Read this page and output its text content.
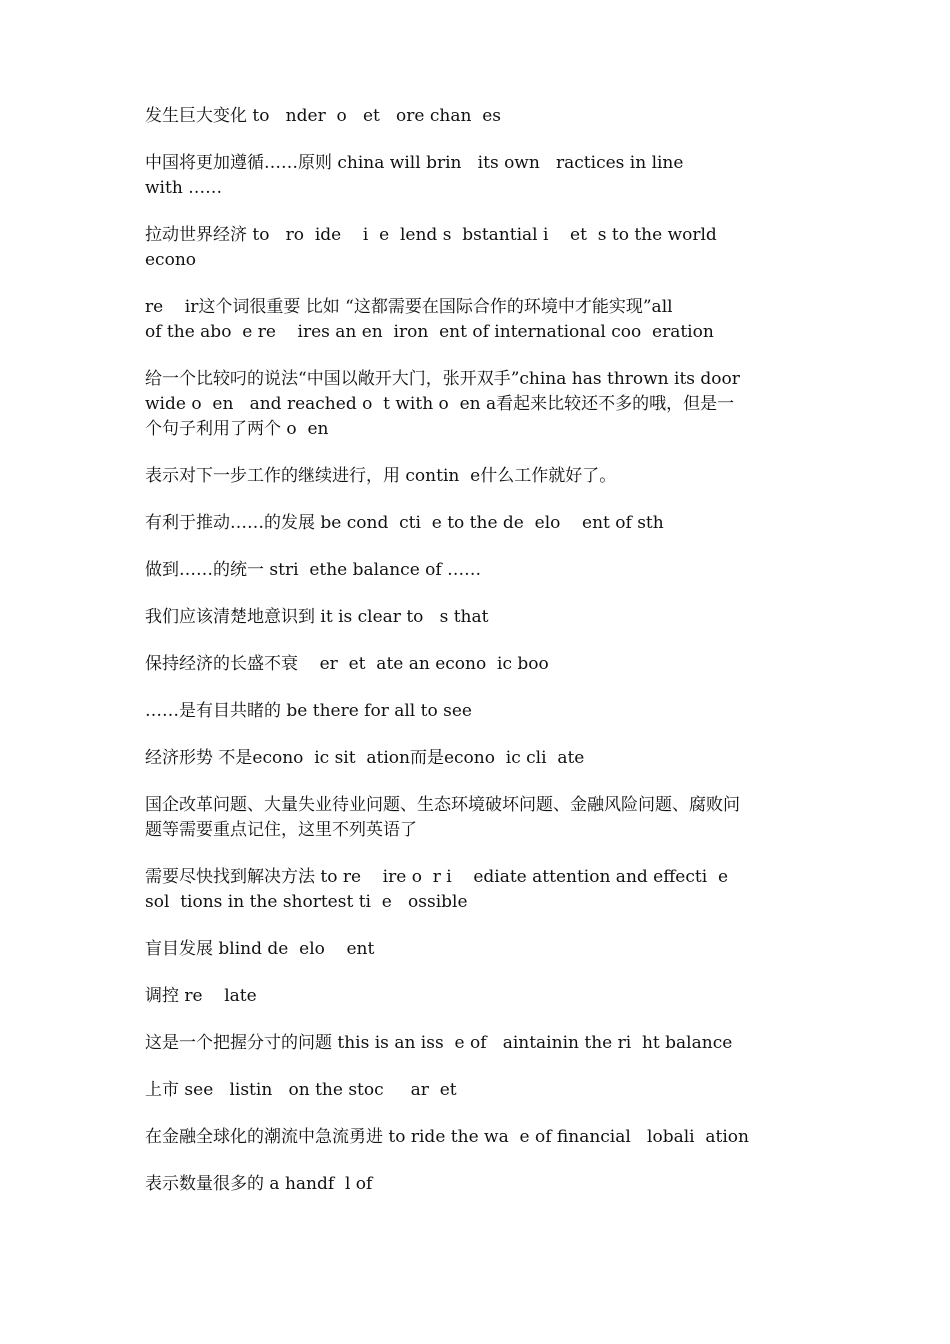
发生巨大变化 to   nder  o   et   ore chan  es
中国将更加遵循……原则 china will brin   its own   ractices in line
with ……
拉动世界经济 to   ro  ide    i  e  lend s  bstantial i    et  s to the world
econo
re    ir这个词很重要 比如 “这都需要在国际合作的环境中才能实现”all
of the abo  e re    ires an en  iron  ent of international coo  eration
给一个比较叼的说法“中国以敞开大门，张开双手”china has thrown its door
wide o  en   and reached o  t with o  en a看起来比较还不多的哦，但是一
个句子利用了两个 o  en
表示对下一步工作的继续进行，用 contin  e什么工作就好了。
有利于推动……的发展 be cond  cti  e to the de  elo    ent of sth
做到……的统一 stri  ethe balance of ……
我们应该清楚地意识到 it is clear to   s that
保持经济的长盛不衰    er  et  ate an econo  ic boo
……是有目共睹的 be there for all to see
经济形势 不是econo  ic sit  ation而是econo  ic cli  ate
国企改革问题、大量失业待业问题、生态环境破坏问题、金融风险问题、腐败问
题等需要重点记住，这里不列英语了
需要尽快找到解决方法 to re    ire o  r i    ediate attention and effecti  e
sol  tions in the shortest ti  e   ossible
盲目发展 blind de  elo    ent
调控 re    late
这是一个把握分寸的问题 this is an iss  e of   aintainin the ri  ht balance
上市 see   listin   on the stoc     ar  et
在金融全球化的潮流中急流勇进 to ride the wa  e of financial   lobali  ation
表示数量很多的 a handf  l of
